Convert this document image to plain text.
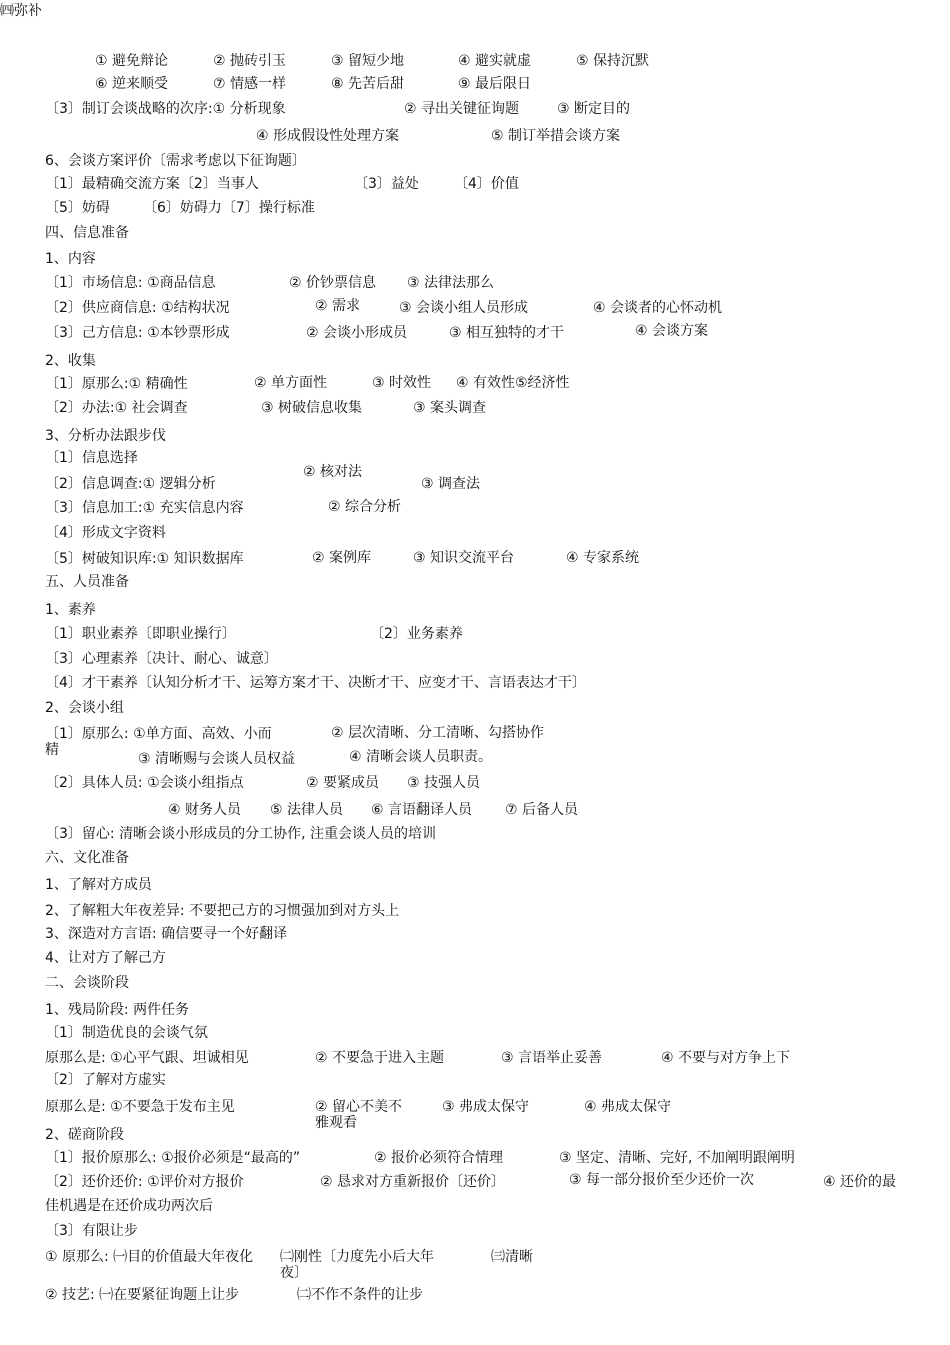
㈣弥补
① 避免辩论	② 抛砖引玉	③ 留短少地	④ 避实就虚	⑤ 保持沉默
⑥ 逆来顺受	⑦ 情感一样	⑧ 先苦后甜	⑨ 最后限日
〔3〕制订会谈战略的次序:① 分析现象	② 寻出关键征询题	③ 断定目的
④ 形成假设性处理方案	⑤ 制订举措会谈方案
6、会谈方案评价〔需求考虑以下征询题〕
〔1〕最精确交流方案〔2〕当事人	〔3〕益处	〔4〕价值
〔5〕妨碍 〔6〕妨碍力〔7〕操行标准
四、信息准备
1、内容
〔1〕市场信息: ①商品信息	② 价钞票信息 ③ 法律法那么
〔2〕供应商信息: ①结构状况	② 需求	③ 会谈小组人员形成	④ 会谈者的心怀动机
〔3〕己方信息: ①本钞票形成	② 会谈小形成员	③ 相互独特的才干	④ 会谈方案
2、收集
〔1〕原那么:① 精确性	② 单方面性	③ 时效性 ④ 有效性⑤经济性
〔2〕办法:① 社会调查	③ 树破信息收集	③ 案头调查
3、分析办法跟步伐
〔1〕信息选择
② 核对法
〔2〕信息调查:① 逻辑分析	③ 调查法
〔3〕信息加工:① 充实信息内容	② 综合分析
〔4〕形成文字资料
〔5〕树破知识库:① 知识数据库	② 案例库	③ 知识交流平台	④ 专家系统
五、人员准备
1、素养
〔1〕职业素养〔即职业操行〕	〔2〕业务素养
〔3〕心理素养〔决计、耐心、诚意〕
〔4〕才干素养〔认知分析才干、运筹方案才干、决断才干、应变才干、言语表达才干〕
2、会谈小组
〔1〕原那么: ①单方面、高效、小而	② 层次清晰、分工清晰、勾搭协作
精
③ 清晰赐与会谈人员权益	④ 清晰会谈人员职责。
〔2〕具体人员: ①会谈小组指点	② 要紧成员 ③ 技强人员
④ 财务人员 ⑤ 法律人员 ⑥ 言语翻译人员 ⑦ 后备人员
〔3〕留心: 清晰会谈小形成员的分工协作, 注重会谈人员的培训
六、文化准备
1、了解对方成员
2、了解粗大年夜差异: 不要把己方的习惯强加到对方头上
3、深造对方言语: 确信要寻一个好翻译
4、让对方了解己方
二、会谈阶段
1、残局阶段: 两件任务
〔1〕制造优良的会谈气氛
原那么是: ①心平气跟、坦诚相见	② 不要急于进入主题	③ 言语举止妥善	④ 不要与对方争上下
〔2〕了解对方虚实
原那么是: ①不要急于发布主见	② 留心不美不雅观看
③ 弗成太保守	④ 弗成太保守
2、磋商阶段
〔1〕报价原那么: ①报价必须是“最高的”	② 报价必须符合情理	③ 坚定、清晰、完好, 不加阐明跟阐明
〔2〕还价还价: ①评价对方报价	② 恳求对方重新报价〔还价〕	③ 每一部分报价至少还价一次	④ 还价的最
佳机遇是在还价成功两次后
〔3〕有限让步
① 原那么: ㈠目的价值最大年夜化	㈡刚性〔力度先小后大年夜〕
㈢清晰
② 技艺: ㈠在要紧征询题上让步	㈡不作不条件的让步
